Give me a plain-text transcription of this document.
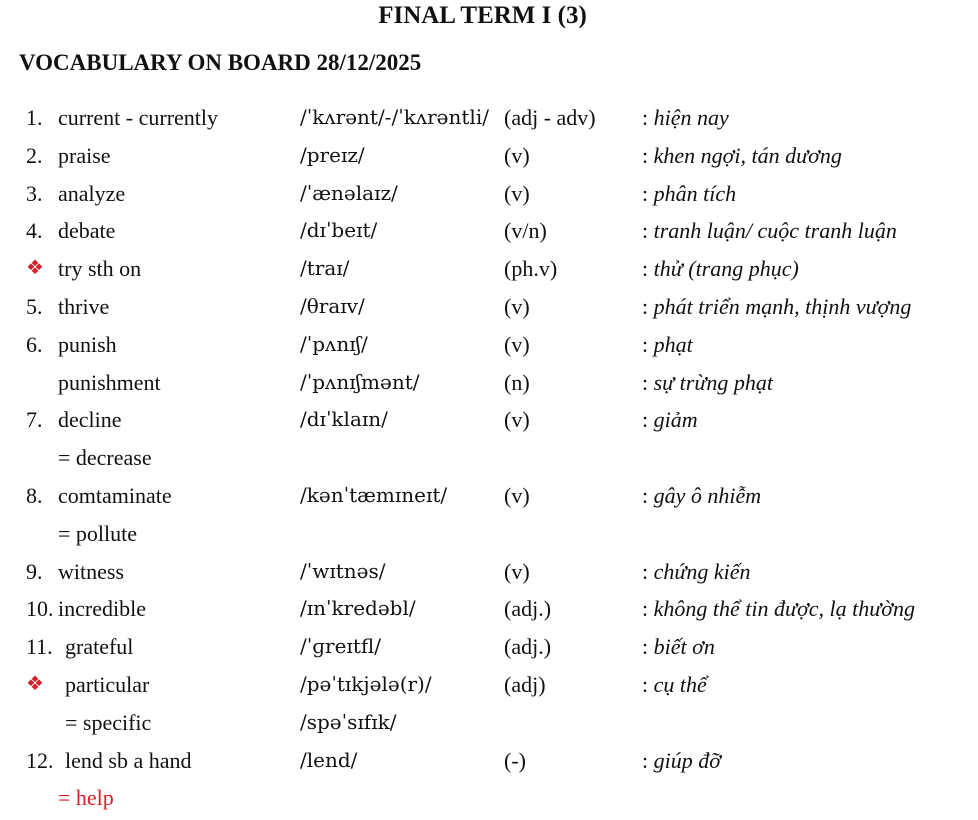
FINAL TERM I (3)
VOCABULARY ON BOARD 28/12/2025
1. current - currently	/ˈkʌrənt/-/ˈkʌrəntli/ (adj - adv) : hiện nay
2. praise	/preɪz/	(v)	: khen ngợi, tán dương
3. analyze	/ˈænəlaɪz/	(v)	: phân tích
4. debate	/dɪˈbeɪt/	(v/n)	: tranh luận/ cuộc tranh luận
❖ try sth on	/traɪ/	(ph.v)	: thử (trang phục)
5. thrive	/θraɪv/	(v)	: phát triển mạnh, thịnh vượng
6. punish	/ˈpʌnɪʃ/	(v)	: phạt
punishment	/ˈpʌnɪʃmənt/	(n)	: sự trừng phạt
7. decline	/dɪˈklaɪn/	(v)	: giảm
= decrease
8. comtaminate	/kənˈtæmɪneɪt/	(v)	: gây ô nhiễm
= pollute
9. witness	/ˈwɪtnəs/	(v)	: chứng kiến
10. incredible	/ɪnˈkredəbl/	(adj.)	: không thể tin được, lạ thường
11. grateful	/ˈɡreɪtfl/	(adj.)	: biết ơn
❖ particular	/pəˈtɪkjələ(r)/	(adj)	: cụ thể
= specific	/spəˈsɪfɪk/
12. lend sb a hand	/lend/	(-)	: giúp đỡ
= help
